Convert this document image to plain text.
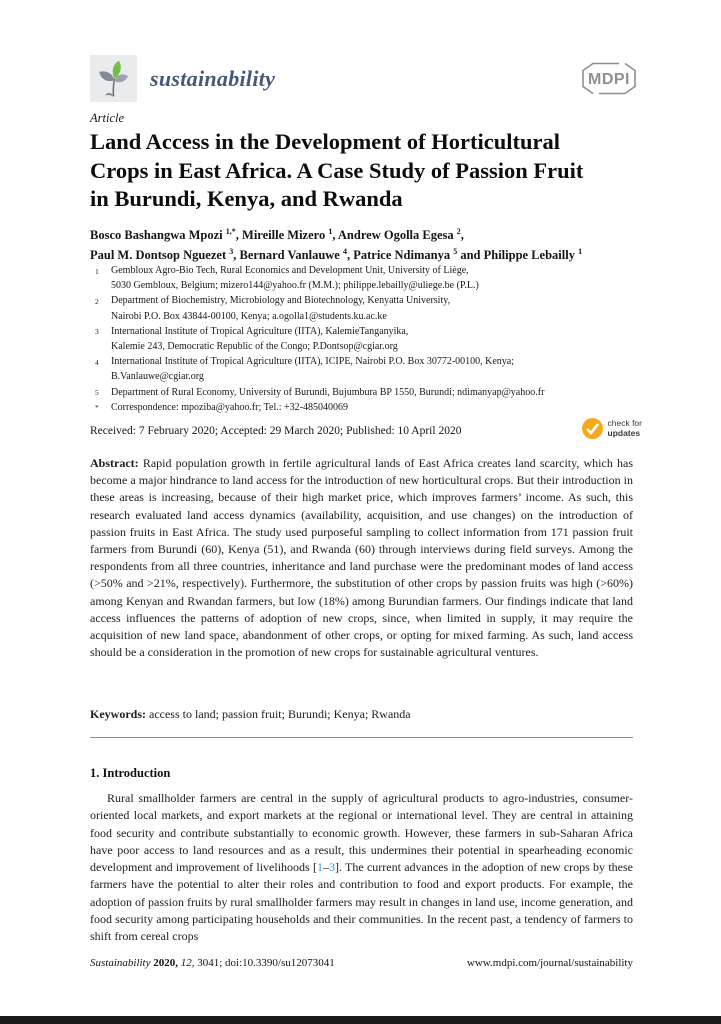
sustainability	MDPI
Article
Land Access in the Development of Horticultural
Crops in East Africa. A Case Study of Passion Fruit
in Burundi, Kenya, and Rwanda
Bosco Bashangwa Mpozi $^{1,*}$, Mireille Mizero $^1$, Andrew Ogolla Egesa $^2$,
Paul M. Dontsop Nguezet $^3$, Bernard Vanlauwe $^4$, Patrice Ndimanya $^5$ and Philippe Lebailly $^1$
1	Gembloux Agro-Bio Tech, Rural Economics and Development Unit, University of Liège,
5030 Gembloux, Belgium; mizero144@yahoo.fr (M.M.); philippe.lebailly@uliege.be (P.L.)
2	Department of Biochemistry, Microbiology and Biotechnology, Kenyatta University,
Nairobi P.O. Box 43844-00100, Kenya; a.ogolla1@students.ku.ac.ke
3	International Institute of Tropical Agriculture (IITA), KalemieTanganyika,
Kalemie 243, Democratic Republic of the Congo; P.Dontsop@cgiar.org
4	International Institute of Tropical Agriculture (IITA), ICIPE, Nairobi P.O. Box 30772-00100, Kenya;
B.Vanlauwe@cgiar.org
5	Department of Rural Economy, University of Burundi, Bujumbura BP 1550, Burundi; ndimanyap@yahoo.fr
*	Correspondence: mpoziba@yahoo.fr; Tel.: +32-485040069
Received: 7 February 2020; Accepted: 29 March 2020; Published: 10 April 2020
check for
updates
Abstract: Rapid population growth in fertile agricultural lands of East Africa creates land scarcity, which has become a major hindrance to land access for the introduction of new horticultural crops. But their introduction in these areas is increasing, because of their high market price, which improves farmers’ income. As such, this research evaluated land access dynamics (availability, acquisition, and use changes) on the introduction of passion fruits in East Africa. The study used purposeful sampling to collect information from 171 passion fruit farmers from Burundi (60), Kenya (51), and Rwanda (60) through interviews during field surveys. Among the respondents from all three countries, inheritance and land purchase were the predominant modes of land access (>50% and >21%, respectively). Furthermore, the substitution of other crops by passion fruits was high (>60%) among Kenyan and Rwandan farmers, but low (18%) among Burundian farmers. Our findings indicate that land access influences the patterns of adoption of new crops, since, when limited in supply, it may require the acquisition of new land space, abandonment of other crops, or opting for mixed farming. As such, land access should be a consideration in the promotion of new crops for sustainable agricultural ventures.
Keywords: access to land; passion fruit; Burundi; Kenya; Rwanda
1. Introduction
Rural smallholder farmers are central in the supply of agricultural products to agro-industries, consumer-oriented local markets, and export markets at the regional or international level. They are central in attaining food security and contribute substantially to economic growth. However, these farmers in sub-Saharan Africa have poor access to land resources and as a result, this undermines their potential in spearheading economic development and improvement of livelihoods [1–3]. The current advances in the adoption of new crops by these farmers have the potential to alter their roles and contribution to food and export products. For example, the adoption of passion fruits by rural smallholder farmers may result in changes in land use, income generation, and food security among participating households and their communities. In the recent past, a tendency of farmers to shift from cereal crops
Sustainability 2020, 12, 3041; doi:10.3390/su12073041	www.mdpi.com/journal/sustainability
